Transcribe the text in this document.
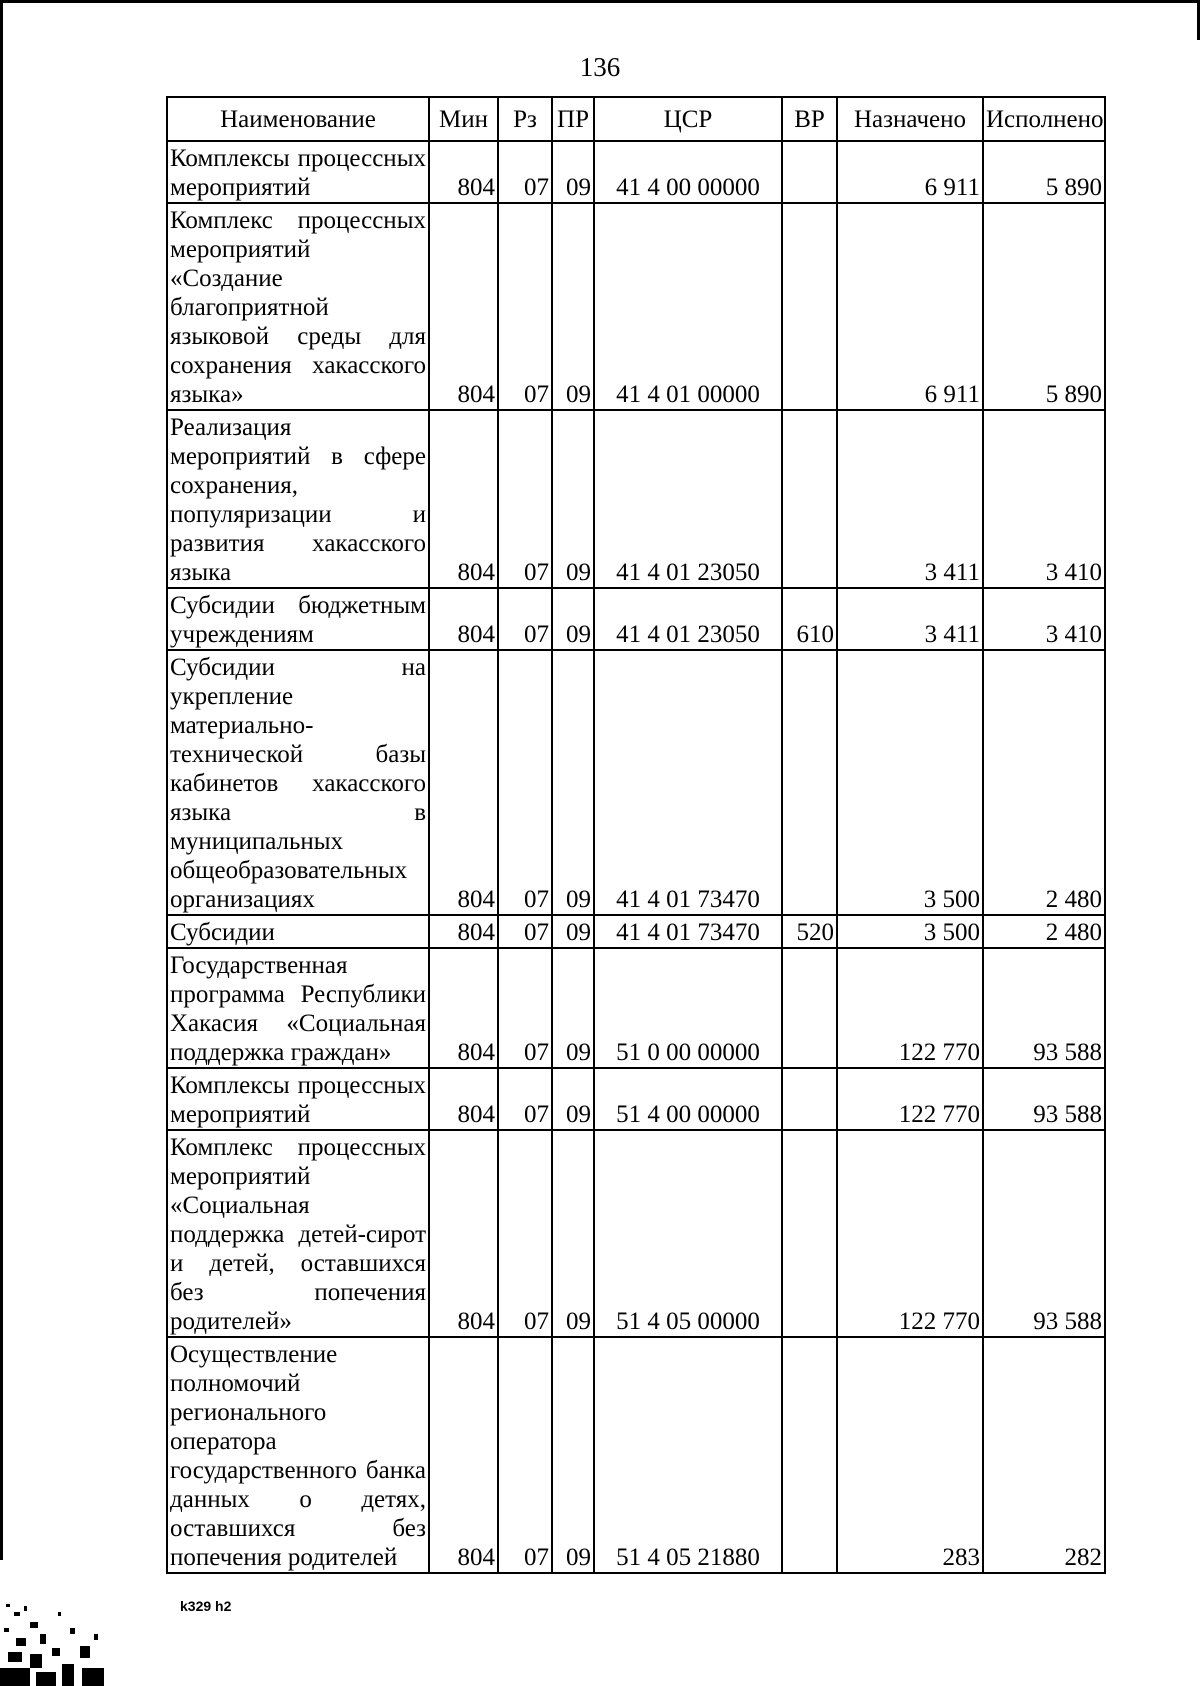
136
Наименование	Мин	Рз	ПР	ЦСР	ВР	Назначено	Исполнено
Комплексы процессных мероприятий	804	07	09	41 4 00 00000		6 911	5 890
Комплекс процессных мероприятий «Создание благоприятной языковой среды для сохранения хакасского языка»	804	07	09	41 4 01 00000		6 911	5 890
Реализация мероприятий в сфере сохранения, популяризации и развития хакасского языка	804	07	09	41 4 01 23050		3 411	3 410
Субсидии бюджетным учреждениям	804	07	09	41 4 01 23050	610	3 411	3 410
Субсидии на укрепление материально-технической базы кабинетов хакасского языка в муниципальных общеобразовательных организациях	804	07	09	41 4 01 73470		3 500	2 480
Субсидии	804	07	09	41 4 01 73470	520	3 500	2 480
Государственная программа Республики Хакасия «Социальная поддержка граждан»	804	07	09	51 0 00 00000		122 770	93 588
Комплексы процессных мероприятий	804	07	09	51 4 00 00000		122 770	93 588
Комплекс процессных мероприятий «Социальная поддержка детей-сирот и детей, оставшихся без попечения родителей»	804	07	09	51 4 05 00000		122 770	93 588
Осуществление полномочий регионального оператора государственного банка данных о детях, оставшихся без попечения родителей	804	07	09	51 4 05 21880		283	282
k329 h2
